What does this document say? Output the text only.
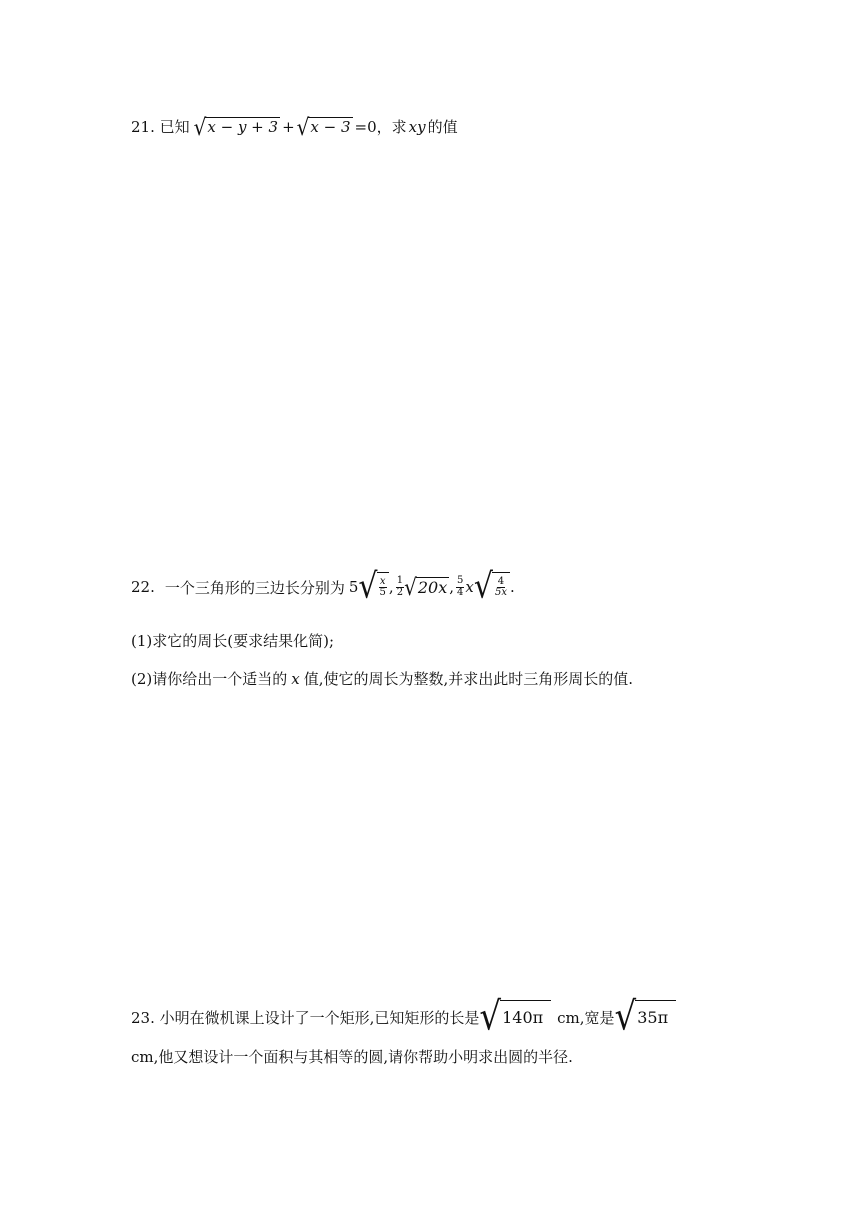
21. 已知 √ x − y + 3 + √ x − 3 =0，求 xy 的值
22. 一个三角形的三边长分别为 5 √ $\frac{x}{5}$ , $\frac{1}{2}$ √ 20x , $\frac{5}{4}$ x √ $\frac{4}{5x}$ .
(1)求它的周长(要求结果化简);
(2)请你给出一个适当的 x 值,使它的周长为整数,并求出此时三角形周长的值.
23. 小明在微机课上设计了一个矩形,已知矩形的长是 √ 140π cm,宽是 √ 35π
cm,他又想设计一个面积与其相等的圆,请你帮助小明求出圆的半径.
